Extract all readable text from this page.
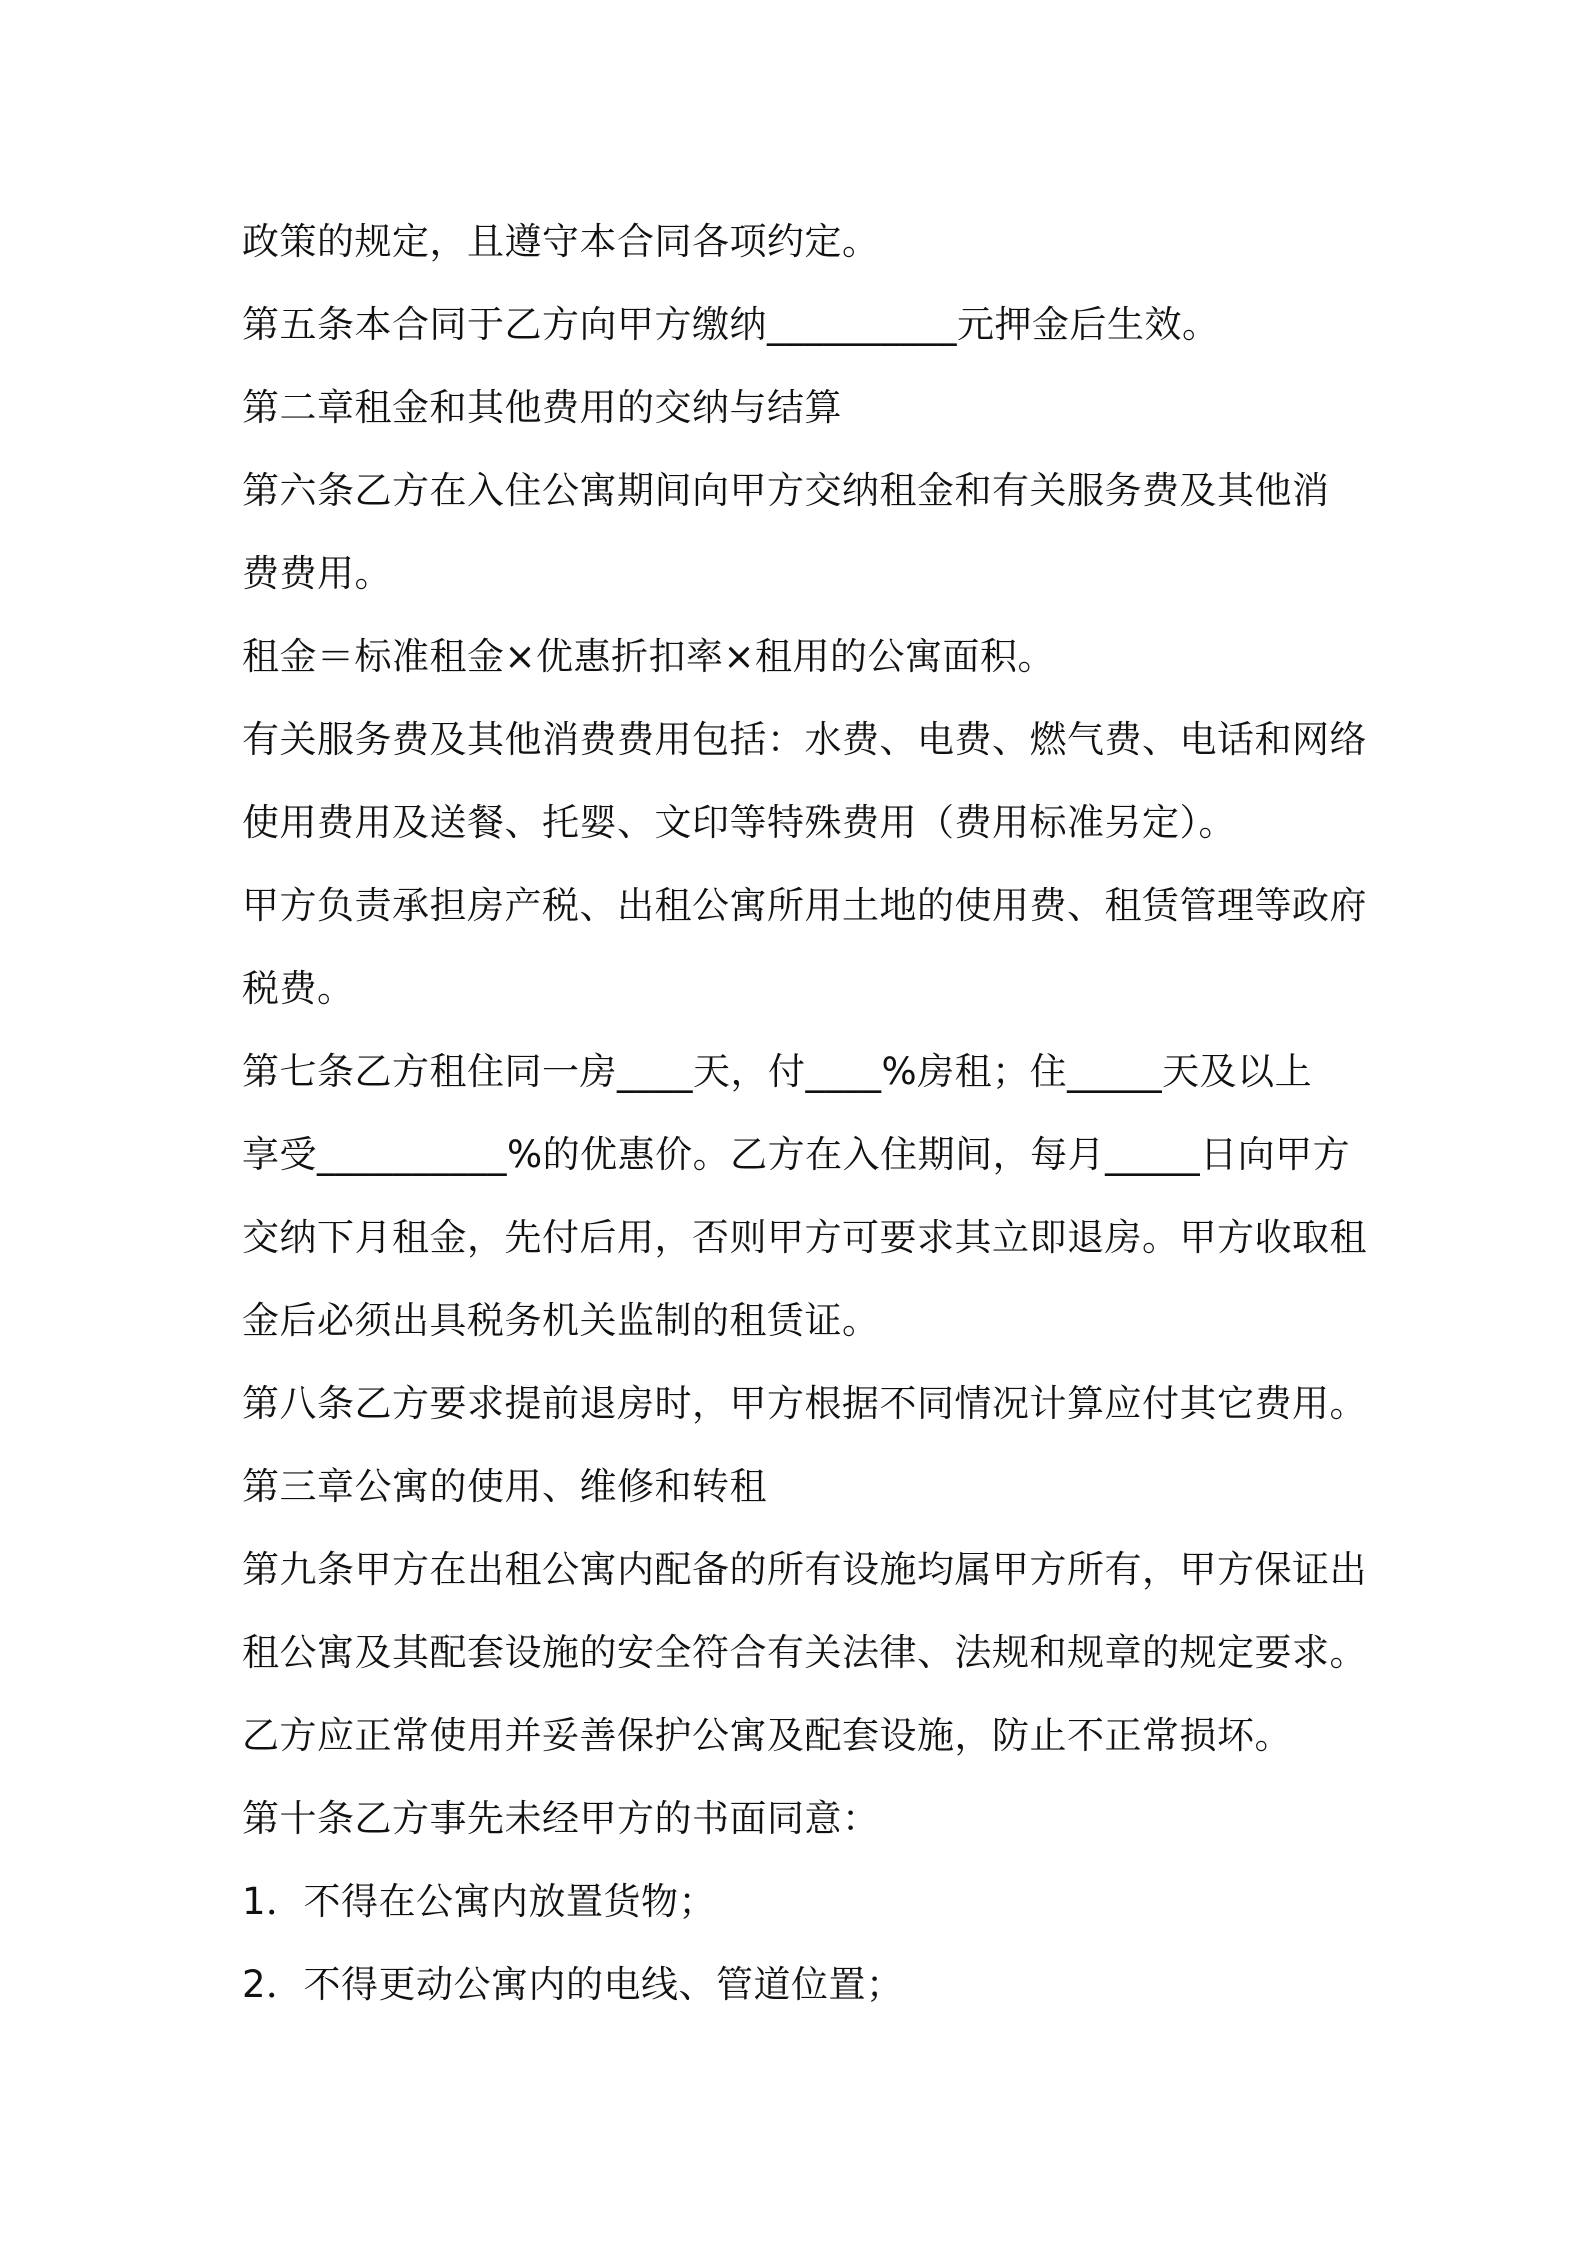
政策的规定，且遵守本合同各项约定。
第五条本合同于乙方向甲方缴纳__________元押金后生效。
第二章租金和其他费用的交纳与结算
第六条乙方在入住公寓期间向甲方交纳租金和有关服务费及其他消
费费用。
租金＝标准租金×优惠折扣率×租用的公寓面积。
有关服务费及其他消费费用包括：水费、电费、燃气费、电话和网络
使用费用及送餐、托婴、文印等特殊费用（费用标准另定）。
甲方负责承担房产税、出租公寓所用土地的使用费、租赁管理等政府
税费。
第七条乙方租住同一房____天，付____%房租；住_____天及以上
享受__________%的优惠价。乙方在入住期间，每月_____日向甲方
交纳下月租金，先付后用，否则甲方可要求其立即退房。甲方收取租
金后必须出具税务机关监制的租赁证。
第八条乙方要求提前退房时，甲方根据不同情况计算应付其它费用。
第三章公寓的使用、维修和转租
第九条甲方在出租公寓内配备的所有设施均属甲方所有，甲方保证出
租公寓及其配套设施的安全符合有关法律、法规和规章的规定要求。
乙方应正常使用并妥善保护公寓及配套设施，防止不正常损坏。
第十条乙方事先未经甲方的书面同意：
1．不得在公寓内放置货物；
2．不得更动公寓内的电线、管道位置；
